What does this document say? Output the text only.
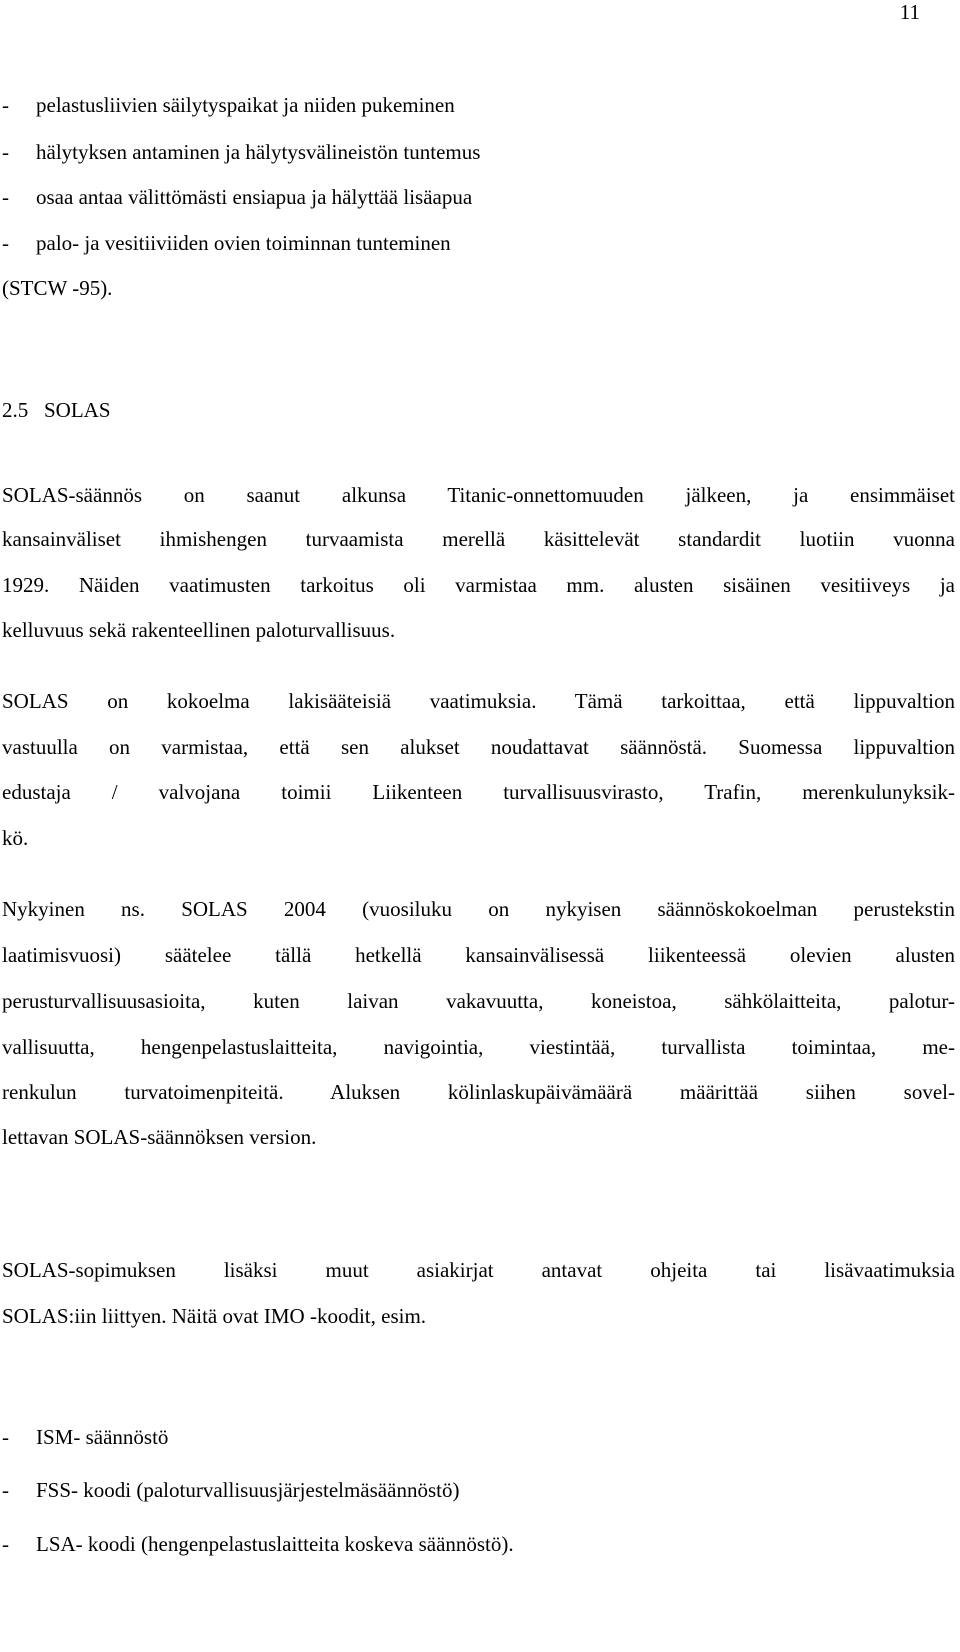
11
- pelastusliivien säilytyspaikat ja niiden pukeminen
- hälytyksen antaminen ja hälytysvälineistön tuntemus
- osaa antaa välittömästi ensiapua ja hälyttää lisäapua
- palo- ja vesitiiviiden ovien toiminnan tunteminen
(STCW -95).
2.5 SOLAS
SOLAS-säännös on saanut alkunsa Titanic-onnettomuuden jälkeen, ja ensimmäiset
kansainväliset ihmishengen turvaamista merellä käsittelevät standardit luotiin vuonna
1929. Näiden vaatimusten tarkoitus oli varmistaa mm. alusten sisäinen vesitiiveys ja
kelluvuus sekä rakenteellinen paloturvallisuus.
SOLAS on kokoelma lakisääteisiä vaatimuksia. Tämä tarkoittaa, että lippuvaltion
vastuulla on varmistaa, että sen alukset noudattavat säännöstä. Suomessa lippuvaltion
edustaja / valvojana toimii Liikenteen turvallisuusvirasto, Trafin, merenkulunyksik-
kö.
Nykyinen ns. SOLAS 2004 (vuosiluku on nykyisen säännöskokoelman perustekstin
laatimisvuosi) säätelee tällä hetkellä kansainvälisessä liikenteessä olevien alusten
perusturvallisuusasioita, kuten laivan vakavuutta, koneistoa, sähkölaitteita, palotur-
vallisuutta, hengenpelastuslaitteita, navigointia, viestintää, turvallista toimintaa, me-
renkulun turvatoimenpiteitä. Aluksen kölinlaskupäivämäärä määrittää siihen sovel-
lettavan SOLAS-säännöksen version.
SOLAS-sopimuksen lisäksi muut asiakirjat antavat ohjeita tai lisävaatimuksia
SOLAS:iin liittyen. Näitä ovat IMO -koodit, esim.
- ISM- säännöstö
- FSS- koodi (paloturvallisuusjärjestelmäsäännöstö)
- LSA- koodi (hengenpelastuslaitteita koskeva säännöstö).
